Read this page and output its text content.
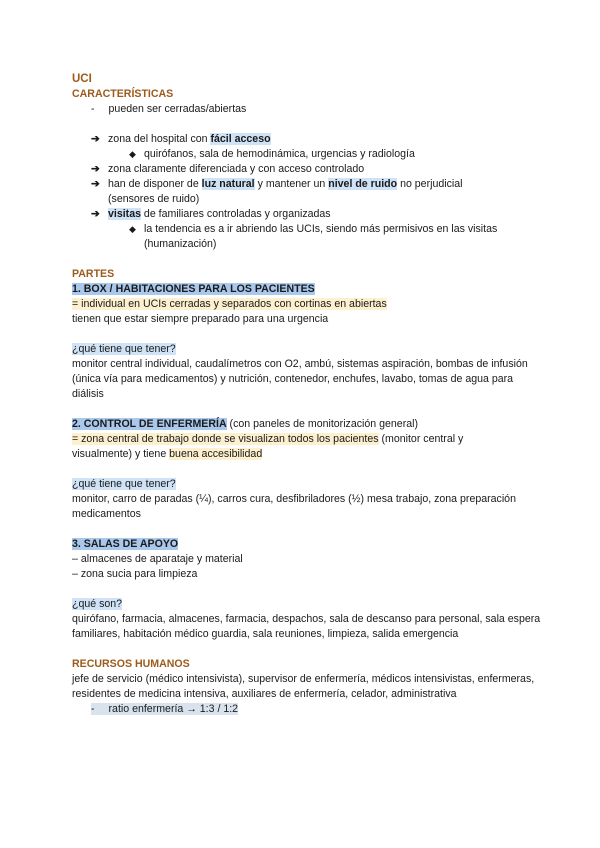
UCI
CARACTERÍSTICAS
- pueden ser cerradas/abiertas
➔ zona del hospital con fácil acceso
◆ quirófanos, sala de hemodinámica, urgencias y radiología
➔ zona claramente diferenciada y con acceso controlado
➔ han de disponer de luz natural y mantener un nivel de ruido no perjudicial
(sensores de ruido)
➔ visitas de familiares controladas y organizadas
◆ la tendencia es a ir abriendo las UCIs, siendo más permisivos en las visitas
(humanización)
PARTES
1. BOX / HABITACIONES PARA LOS PACIENTES
= individual en UCIs cerradas y separados con cortinas en abiertas
tienen que estar siempre preparado para una urgencia
¿qué tiene que tener?
monitor central individual, caudalímetros con O2, ambú, sistemas aspiración, bombas de infusión (única vía para medicamentos) y nutrición, contenedor, enchufes, lavabo, tomas de agua para diálisis
2. CONTROL DE ENFERMERÍA (con paneles de monitorización general)
= zona central de trabajo donde se visualizan todos los pacientes (monitor central y
visualmente) y tiene buena accesibilidad
¿qué tiene que tener?
monitor, carro de paradas (¼), carros cura, desfibriladores (½) mesa trabajo, zona preparación medicamentos
3. SALAS DE APOYO
– almacenes de aparataje y material
– zona sucia para limpieza
¿qué son?
quirófano, farmacia, almacenes, farmacia, despachos, sala de descanso para personal, sala espera familiares, habitación médico guardia, sala reuniones, limpieza, salida emergencia
RECURSOS HUMANOS
jefe de servicio (médico intensivista), supervisor de enfermería, médicos intensivistas, enfermeras, residentes de medicina intensiva, auxiliares de enfermería, celador, administrativa
- ratio enfermería → 1:3 / 1:2
